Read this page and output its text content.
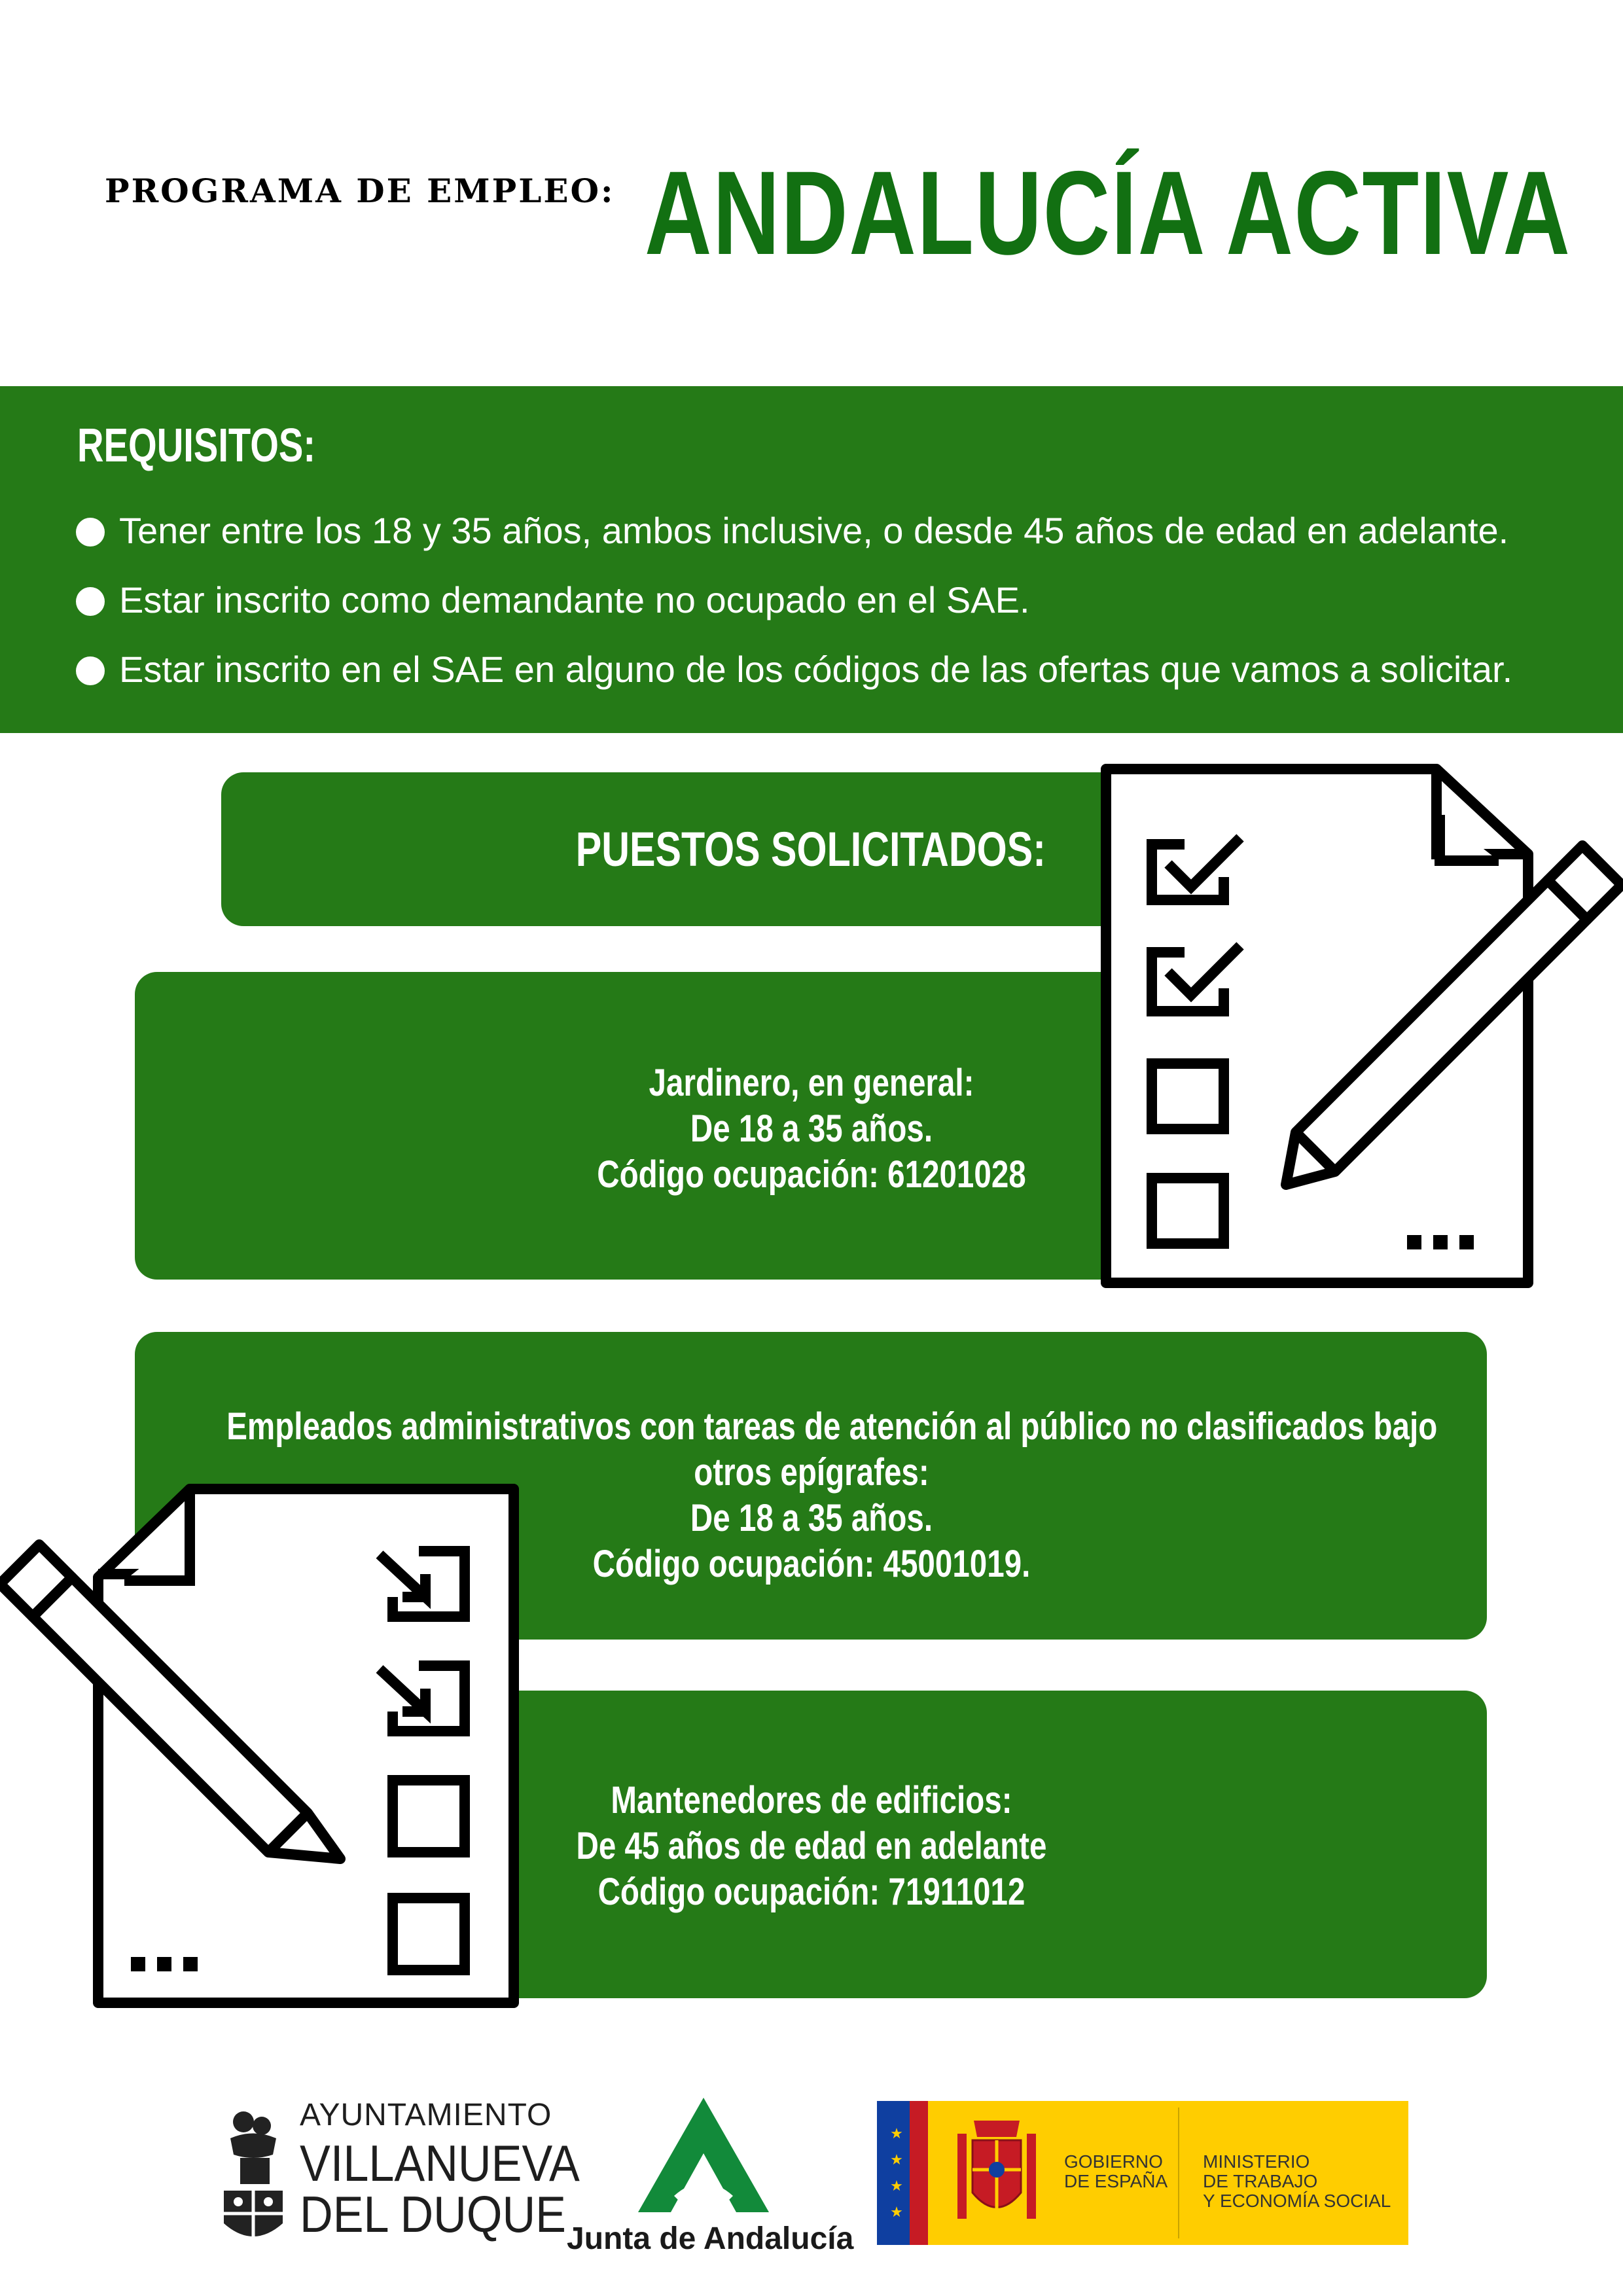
PROGRAMA DE EMPLEO: ANDALUCÍA ACTIVA
REQUISITOS:
Tener entre los 18 y 35 años, ambos inclusive, o desde 45 años de edad en adelante.
Estar inscrito como demandante no ocupado en el SAE.
Estar inscrito en el SAE en alguno de los códigos de las ofertas que vamos a solicitar.
PUESTOS SOLICITADOS:
Jardinero, en general:
De 18 a 35 años.
Código ocupación: 61201028
Empleados administrativos con tareas de atención al público no clasificados bajo
otros epígrafes:
De 18 a 35 años.
Código ocupación: 45001019.
Mantenedores de edificios:
De 45 años de edad en adelante
Código ocupación: 71911012
AYUNTAMIENTO
VILLANUEVA
DEL DUQUE Junta de Andalucía
★
★
★
★
GOBIERNO
DE ESPAÑA
MINISTERIO
DE TRABAJO
Y ECONOMÍA SOCIAL
